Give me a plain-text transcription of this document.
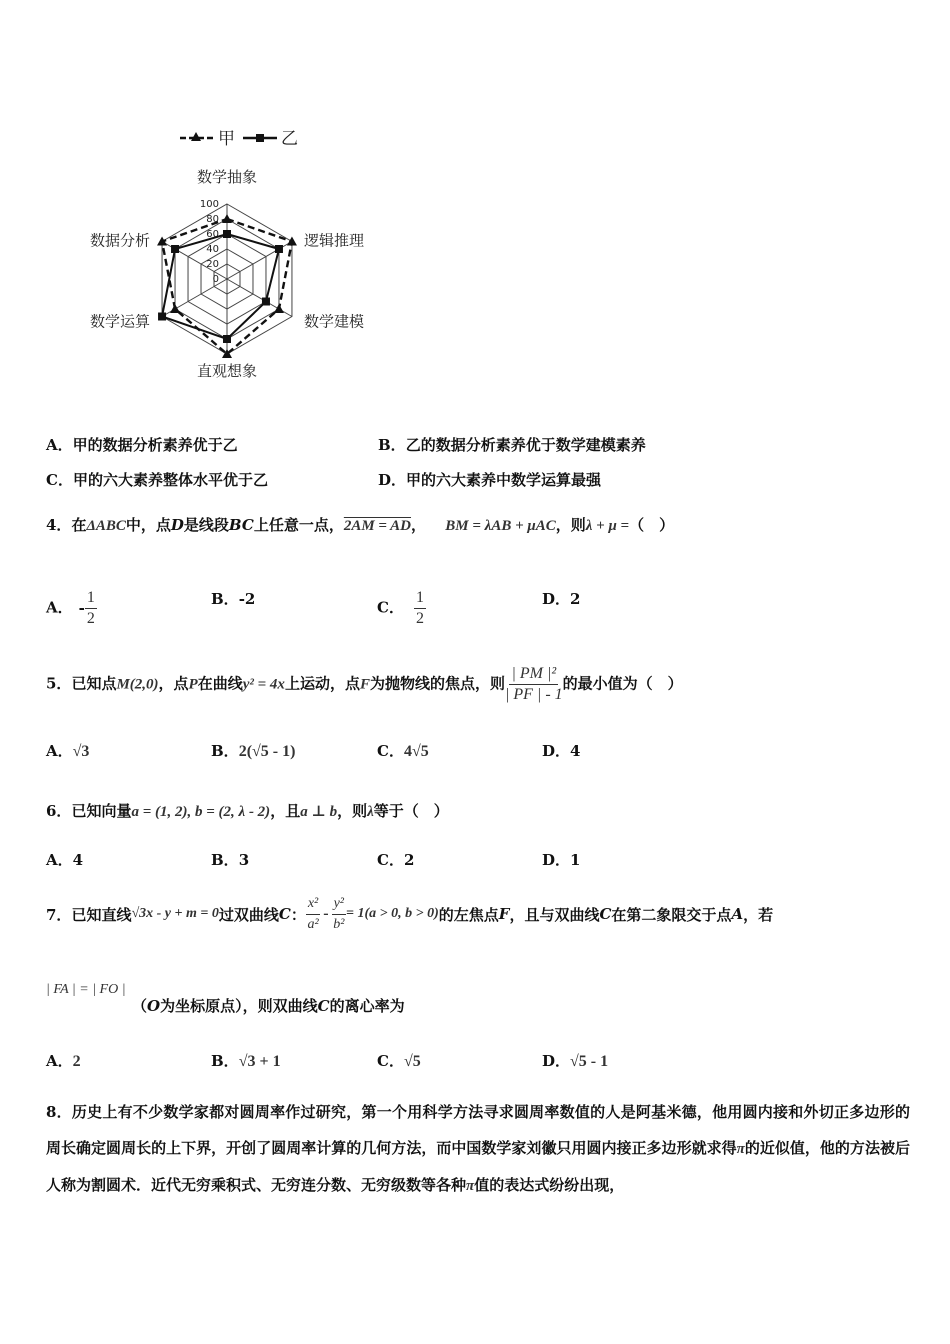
甲	乙
100
80
60
40
20
0
数学抽象
逻辑推理
数学建模
直观想象
数学运算
数据分析
A．甲的数据分析素养优于乙	B．乙的数据分析素养优于数学建模素养
C．甲的六大素养整体水平优于乙	D．甲的六大素养中数学运算最强
4．在ΔABC中，点D是线段BC上任意一点，2AM = AD， BM = λAB + μAC，则λ + μ =（　）
A． - $\frac{1}{2}$	B．-2	C． $\frac{1}{2}$	D．2
5．已知点M(2,0)，点P在曲线y² = 4x上运动，点F为抛物线的焦点，则 $\frac{\text{| PM |²}}{| PF | - 1}$ 的最小值为（　）
A．√3	B．2(√5 - 1)	C．4√5	D．4
6．已知向量a = (1, 2), b = (2, λ - 2)，且a ⊥ b，则λ等于（　）
A．4	B．3	C．2	D．1
7． 已知直线 √3x - y + m = 0 过双曲线 C ： $\frac{\text{x²}}{\text{a²}} - \frac{\text{y²}}{\text{b²}} = 1(a > 0$, b > 0) 的左焦点 F ，且与双曲线 C 在第二象限交于点 A ，若
| FA | = | FO |
（O为坐标原点），则双曲线C的离心率为
A．2	B．√3 + 1	C．√5	D．√5 - 1
8．历史上有不少数学家都对圆周率作过研究，第一个用科学方法寻求圆周率数值的人是阿基米德，他用圆内接和外切正多边形的周长确定圆周长的上下界，开创了圆周率计算的几何方法，而中国数学家刘徽只用圆内接正多边形就求得π的近似值，他的方法被后人称为割圆术．近代无穷乘积式、无穷连分数、无穷级数等各种π值的表达式纷纷出现，
